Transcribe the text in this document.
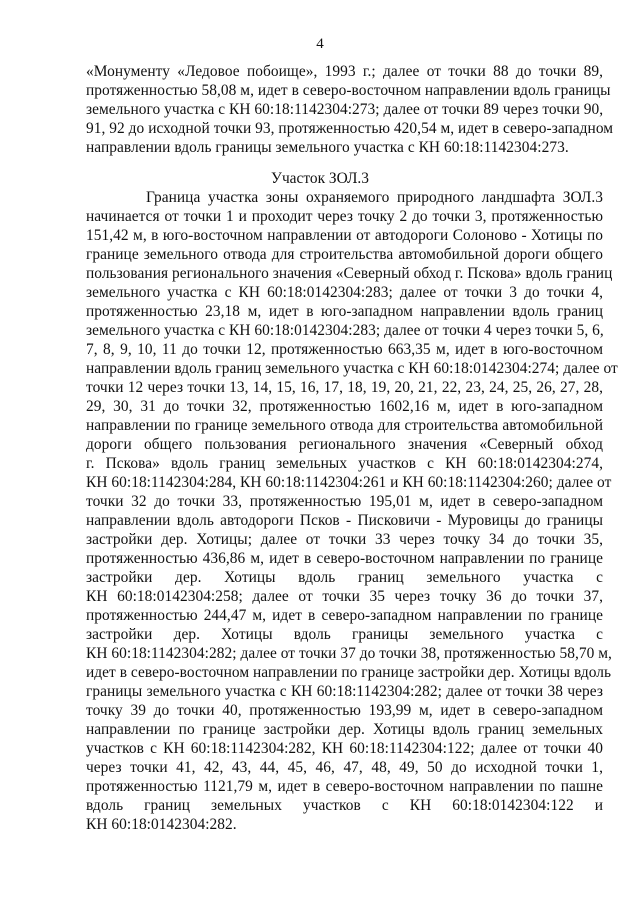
4
«Монументу «Ледовое побоище», 1993 г.; далее от точки 88 до точки 89,
протяженностью 58,08 м, идет в северо-восточном направлении вдоль границы
земельного участка с КН 60:18:1142304:273; далее от точки 89 через точки 90,
91, 92 до исходной точки 93, протяженностью 420,54 м, идет в северо-западном
направлении вдоль границы земельного участка с КН 60:18:1142304:273.
Участок ЗОЛ.3
Граница участка зоны охраняемого природного ландшафта ЗОЛ.3
начинается от точки 1 и проходит через точку 2 до точки 3, протяженностью
151,42 м, в юго-восточном направлении от автодороги Солоново - Хотицы по
границе земельного отвода для строительства автомобильной дороги общего
пользования регионального значения «Северный обход г. Пскова» вдоль границ
земельного участка с КН 60:18:0142304:283; далее от точки 3 до точки 4,
протяженностью 23,18 м, идет в юго-западном направлении вдоль границ
земельного участка с КН 60:18:0142304:283; далее от точки 4 через точки 5, 6,
7, 8, 9, 10, 11 до точки 12, протяженностью 663,35 м, идет в юго-восточном
направлении вдоль границ земельного участка с КН 60:18:0142304:274; далее от
точки 12 через точки 13, 14, 15, 16, 17, 18, 19, 20, 21, 22, 23, 24, 25, 26, 27, 28,
29, 30, 31 до точки 32, протяженностью 1602,16 м, идет в юго-западном
направлении по границе земельного отвода для строительства автомобильной
дороги общего пользования регионального значения «Северный обход
г. Пскова» вдоль границ земельных участков с КН 60:18:0142304:274,
КН 60:18:1142304:284, КН 60:18:1142304:261 и КН 60:18:1142304:260; далее от
точки 32 до точки 33, протяженностью 195,01 м, идет в северо-западном
направлении вдоль автодороги Псков - Писковичи - Муровицы до границы
застройки дер. Хотицы; далее от точки 33 через точку 34 до точки 35,
протяженностью 436,86 м, идет в северо-восточном направлении по границе
застройки дер. Хотицы вдоль границ земельного участка с
КН 60:18:0142304:258; далее от точки 35 через точку 36 до точки 37,
протяженностью 244,47 м, идет в северо-западном направлении по границе
застройки дер. Хотицы вдоль границы земельного участка с
КН 60:18:1142304:282; далее от точки 37 до точки 38, протяженностью 58,70 м,
идет в северо-восточном направлении по границе застройки дер. Хотицы вдоль
границы земельного участка с КН 60:18:1142304:282; далее от точки 38 через
точку 39 до точки 40, протяженностью 193,99 м, идет в северо-западном
направлении по границе застройки дер. Хотицы вдоль границ земельных
участков с КН 60:18:1142304:282, КН 60:18:1142304:122; далее от точки 40
через точки 41, 42, 43, 44, 45, 46, 47, 48, 49, 50 до исходной точки 1,
протяженностью 1121,79 м, идет в северо-восточном направлении по пашне
вдоль границ земельных участков с КН 60:18:0142304:122 и
КН 60:18:0142304:282.
